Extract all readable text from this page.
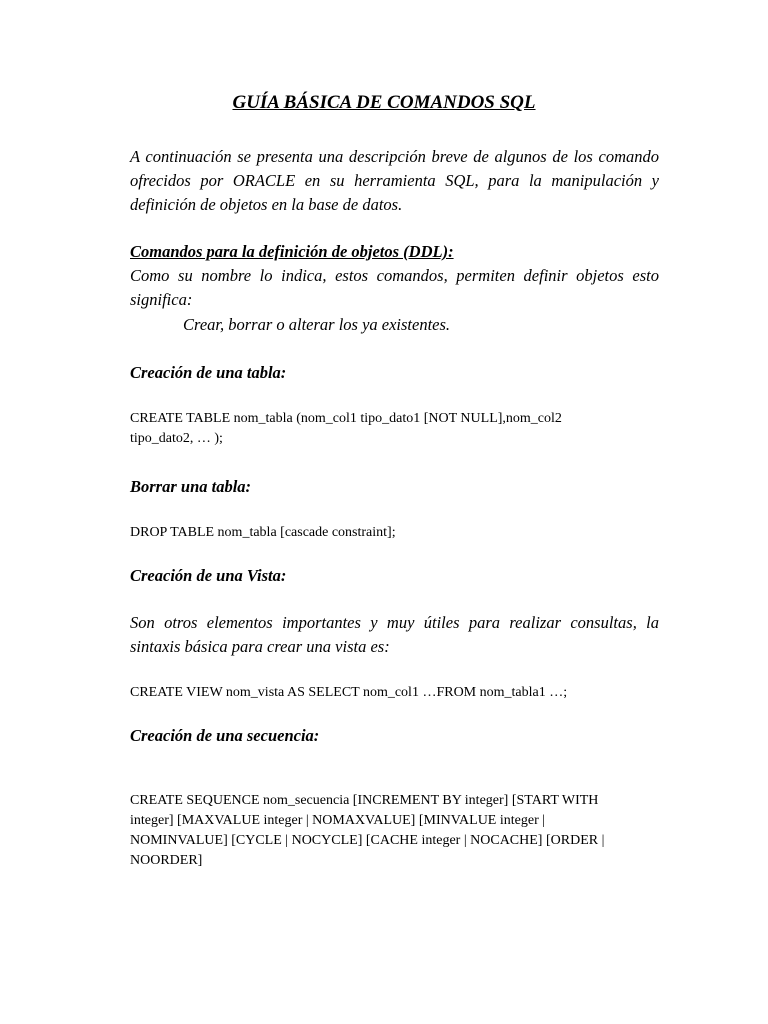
GUÍA BÁSICA DE COMANDOS SQL

A continuación se presenta una descripción breve de algunos de los comando ofrecidos por ORACLE en su herramienta SQL, para la manipulación y definición de objetos en la base de datos.

Comandos para la definición de objetos (DDL):

Como su nombre lo indica, estos comandos, permiten definir objetos esto significa:

Crear, borrar o alterar los ya existentes.

Creación de una tabla:

CREATE TABLE nom_tabla (nom_col1 tipo_dato1 [NOT NULL],nom_col2 tipo_dato2, … );

Borrar una tabla:

DROP TABLE nom_tabla [cascade constraint];

Creación de una Vista:

Son otros elementos importantes y muy útiles para realizar consultas, la sintaxis básica para crear una vista es:

CREATE VIEW nom_vista AS SELECT nom_col1 …FROM nom_tabla1 …;

Creación de una secuencia:

CREATE SEQUENCE nom_secuencia [INCREMENT BY integer] [START WITH integer] [MAXVALUE integer | NOMAXVALUE] [MINVALUE integer | NOMINVALUE] [CYCLE | NOCYCLE] [CACHE integer | NOCACHE] [ORDER | NOORDER]
